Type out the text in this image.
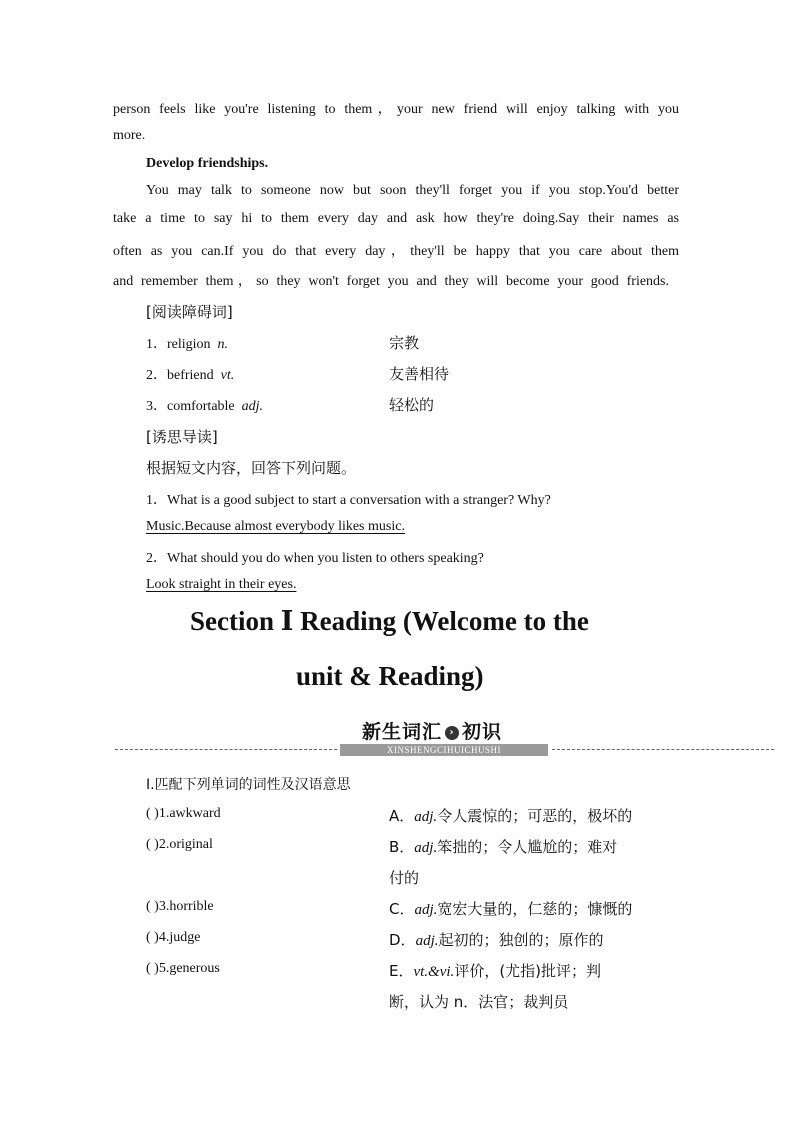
person feels like you're listening to them，your new friend will enjoy talking with you
more.
Develop friendships.
You may talk to someone now but soon they'll forget you if you stop.You'd better
take a time to say hi to them every day and ask how they're doing.Say their names as
often as you can.If you do that every day，they'll be happy that you care about them
and remember them，so they won't forget you and they will become your good friends.
[阅读障碍词]
1．religion n.	宗教
2．befriend vt.	友善相待
3．comfortable adj.	轻松的
[诱思导读]
根据短文内容，回答下列问题。
1．What is a good subject to start a conversation with a stranger? Why?
Music.Because almost everybody likes music.
2．What should you do when you listen to others speaking?
Look straight in their eyes.
Section Ⅰ Reading (Welcome to the
unit & Reading)
新生词汇 › 初识
XINSHENGCIHUICHUSHI
Ⅰ.匹配下列单词的词性及汉语意思
( )1.awkward	A．adj.令人震惊的；可恶的，极坏的
( )2.original	B．adj.笨拙的；令人尴尬的；难对
付的
( )3.horrible	C．adj.宽宏大量的，仁慈的；慷慨的
( )4.judge	D．adj.起初的；独创的；原作的
( )5.generous	E．vt.&vi.评价，(尤指)批评；判
断，认为 n．法官；裁判员
